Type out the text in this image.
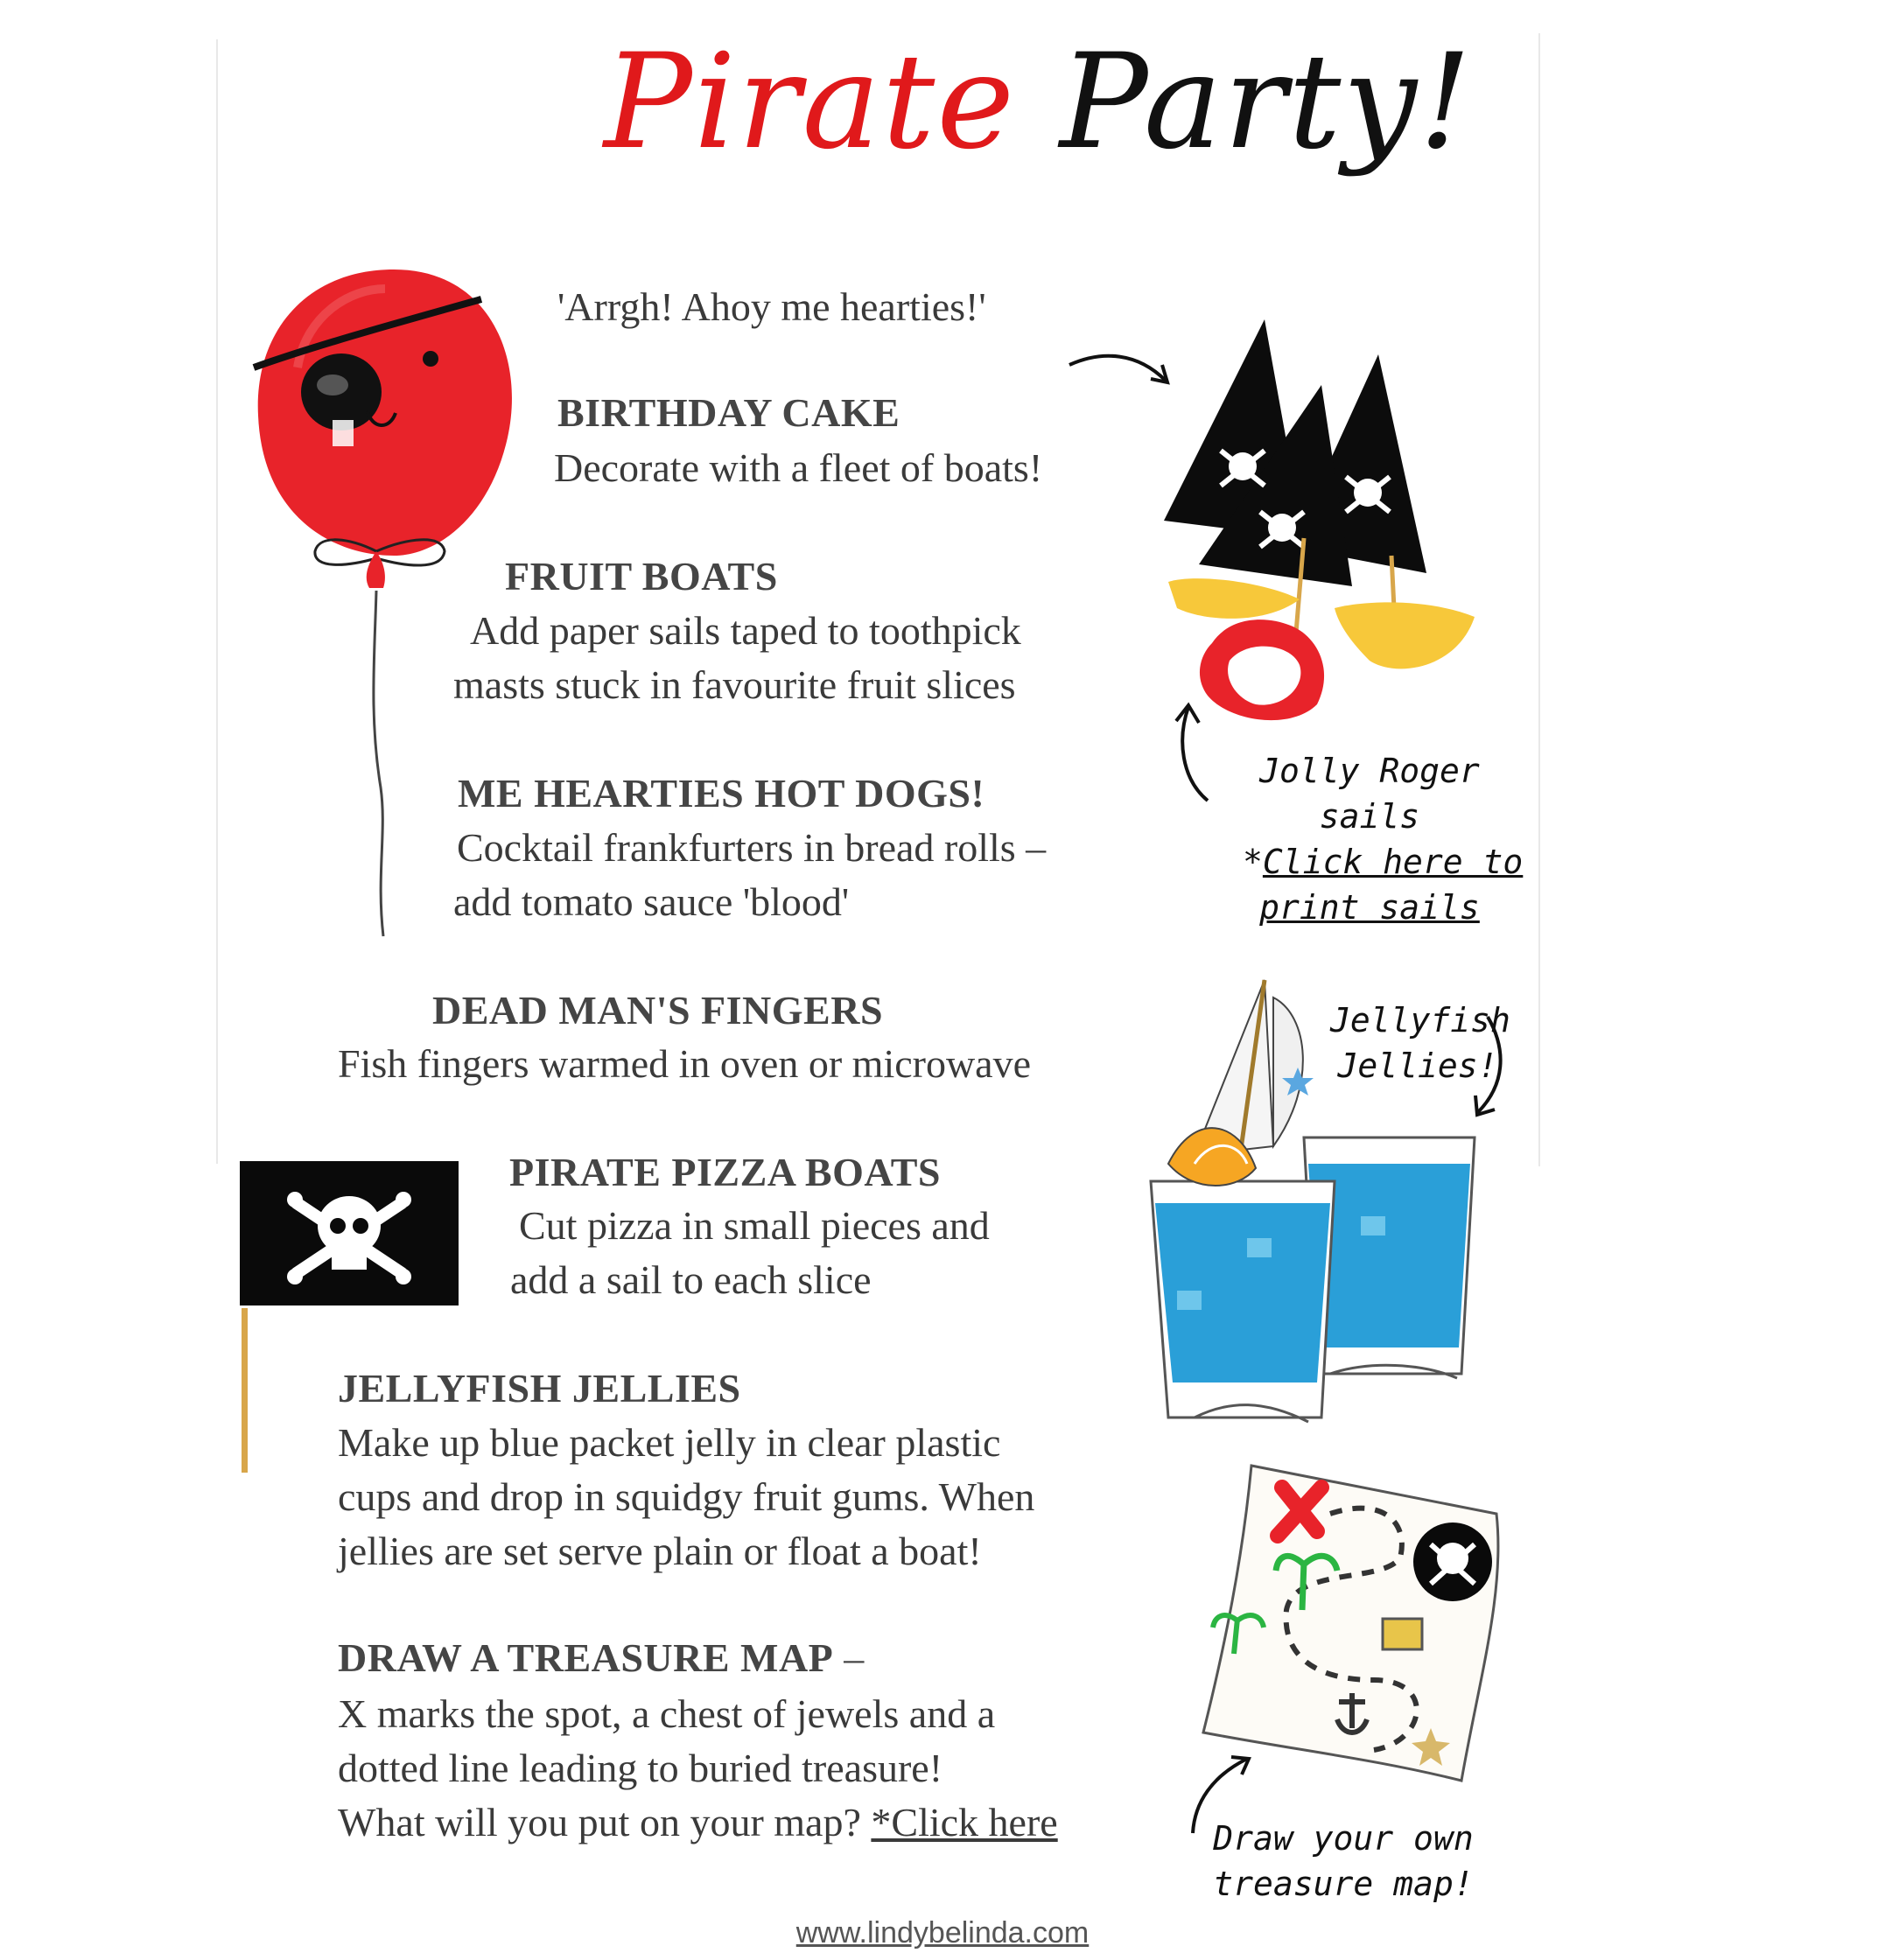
Pirate Party!
'Arrgh! Ahoy me hearties!'
BIRTHDAY CAKE
Decorate with a fleet of boats!
FRUIT BOATS
Add paper sails taped to toothpick
masts stuck in favourite fruit slices
ME HEARTIES HOT DOGS!
Cocktail frankfurters in bread rolls –
add tomato sauce 'blood'
DEAD MAN'S FINGERS
Fish fingers warmed in oven or microwave
PIRATE PIZZA BOATS
Cut pizza in small pieces and
add a sail to each slice
JELLYFISH JELLIES
Make up blue packet jelly in clear plastic
cups and drop in squidgy fruit gums. When
jellies are set serve plain or float a boat!
DRAW A TREASURE MAP –
X marks the spot, a chest of jewels and a
dotted line leading to buried treasure!
What will you put on your map? *Click here
Jolly Roger
sails
*Click here to
print sails
Jellyfish
Jellies!
Draw your own
treasure map!
www.lindybelinda.com
